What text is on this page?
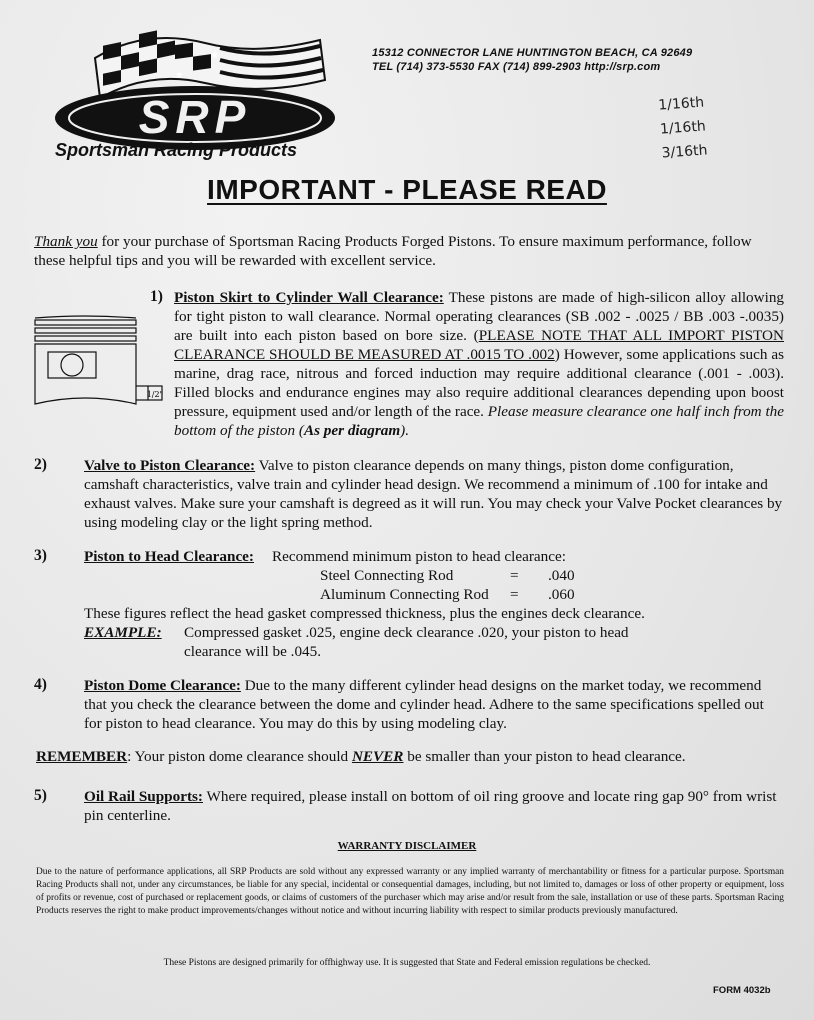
★
★
SRP
15312 CONNECTOR LANE HUNTINGTON BEACH, CA 92649
TEL (714) 373-5530 FAX (714) 899-2903 http://srp.com
1/16th
1/16th
3/16th
Sportsman Racing Products
IMPORTANT - PLEASE READ
Thank you for your purchase of Sportsman Racing Products Forged Pistons. To ensure maximum performance, follow these helpful tips and you will be rewarded with excellent service.
1/2"
1) Piston Skirt to Cylinder Wall Clearance: These pistons are made of high-silicon alloy allowing for tight piston to wall clearance. Normal operating clearances (SB .002 - .0025 / BB .003 -.0035) are built into each piston based on bore size. (PLEASE NOTE THAT ALL IMPORT PISTON CLEARANCE SHOULD BE MEASURED AT .0015 TO .002) However, some applications such as marine, drag race, nitrous and forced induction may require additional clearance (.001 - .003). Filled blocks and endurance engines may also require additional clearances depending upon boost pressure, equipment used and/or length of the race. Please measure clearance one half inch from the bottom of the piston (As per diagram).
2) Valve to Piston Clearance: Valve to piston clearance depends on many things, piston dome configuration, camshaft characteristics, valve train and cylinder head design. We recommend a minimum of .100 for intake and exhaust valves. Make sure your camshaft is degreed as it will run. You may check your Valve Pocket clearances by using modeling clay or the light spring method.
3) Piston to Head Clearance: Recommend minimum piston to head clearance:
Steel Connecting Rod	=	.040
Aluminum Connecting Rod	=	.060
These figures reflect the head gasket compressed thickness, plus the engines deck clearance.
EXAMPLE:	Compressed gasket .025, engine deck clearance .020, your piston to head clearance will be .045.
4) Piston Dome Clearance: Due to the many different cylinder head designs on the market today, we recommend that you check the clearance between the dome and cylinder head. Adhere to the same specifications spelled out for piston to head clearance. You may do this by using modeling clay.
REMEMBER: Your piston dome clearance should NEVER be smaller than your piston to head clearance.
5) Oil Rail Supports: Where required, please install on bottom of oil ring groove and locate ring gap 90° from wrist pin centerline.
WARRANTY DISCLAIMER
Due to the nature of performance applications, all SRP Products are sold without any expressed warranty or any implied warranty of merchantability or fitness for a particular purpose. Sportsman Racing Products shall not, under any circumstances, be liable for any special, incidental or consequential damages, including, but not limited to, damages or loss of other property or equipment, loss of profits or revenue, cost of purchased or replacement goods, or claims of customers of the purchaser which may arise and/or result from the sale, installation or use of these parts. Sportsman Racing Products reserves the right to make product improvements/changes without notice and without incurring liability with respect to similar products previously manufactured.
These Pistons are designed primarily for offhighway use. It is suggested that State and Federal emission regulations be checked.
FORM 4032b
